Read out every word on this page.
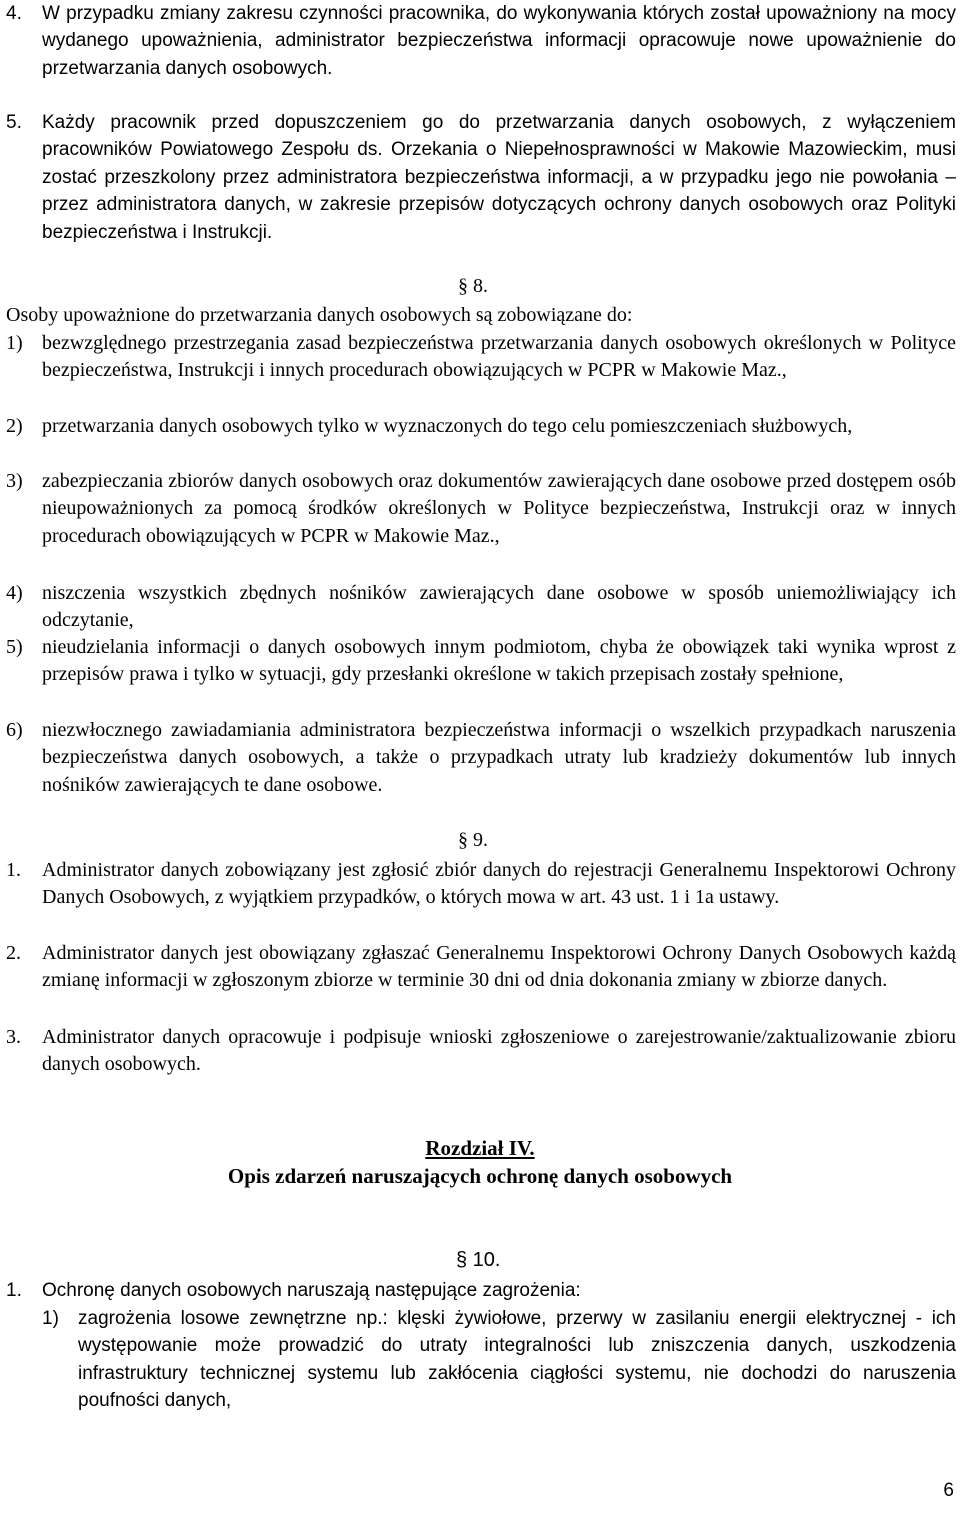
4. W przypadku zmiany zakresu czynności pracownika, do wykonywania których został upoważniony na mocy wydanego upoważnienia, administrator bezpieczeństwa informacji opracowuje nowe upoważnienie do przetwarzania danych osobowych.
5. Każdy pracownik przed dopuszczeniem go do przetwarzania danych osobowych, z wyłączeniem pracowników Powiatowego Zespołu ds. Orzekania o Niepełnosprawności w Makowie Mazowieckim, musi zostać przeszkolony przez administratora bezpieczeństwa informacji, a w przypadku jego nie powołania – przez administratora danych, w zakresie przepisów dotyczących ochrony danych osobowych oraz Polityki bezpieczeństwa i Instrukcji.
§ 8.
Osoby upoważnione do przetwarzania danych osobowych są zobowiązane do:
1) bezwzględnego przestrzegania zasad bezpieczeństwa przetwarzania danych osobowych określonych w Polityce bezpieczeństwa, Instrukcji i innych procedurach obowiązujących w PCPR w Makowie Maz.,
2) przetwarzania danych osobowych tylko w wyznaczonych do tego celu pomieszczeniach służbowych,
3) zabezpieczania zbiorów danych osobowych oraz dokumentów zawierających dane osobowe przed dostępem osób nieupoważnionych za pomocą środków określonych w Polityce bezpieczeństwa, Instrukcji oraz w innych procedurach obowiązujących w PCPR w Makowie Maz.,
4) niszczenia wszystkich zbędnych nośników zawierających dane osobowe w sposób uniemożliwiający ich odczytanie,
5) nieudzielania informacji o danych osobowych innym podmiotom, chyba że obowiązek taki wynika wprost z przepisów prawa i tylko w sytuacji, gdy przesłanki określone w takich przepisach zostały spełnione,
6) niezwłocznego zawiadamiania administratora bezpieczeństwa informacji o wszelkich przypadkach naruszenia bezpieczeństwa danych osobowych, a także o przypadkach utraty lub kradzieży dokumentów lub innych nośników zawierających te dane osobowe.
§ 9.
1. Administrator danych zobowiązany jest zgłosić zbiór danych do rejestracji Generalnemu Inspektorowi Ochrony Danych Osobowych, z wyjątkiem przypadków, o których mowa w art. 43 ust. 1 i 1a ustawy.
2. Administrator danych jest obowiązany zgłaszać Generalnemu Inspektorowi Ochrony Danych Osobowych każdą zmianę informacji w zgłoszonym zbiorze w terminie 30 dni od dnia dokonania zmiany w zbiorze danych.
3. Administrator danych opracowuje i podpisuje wnioski zgłoszeniowe o zarejestrowanie/zaktualizowanie zbioru danych osobowych.
Rozdział IV.
Opis zdarzeń naruszających ochronę danych osobowych
§ 10.
1. Ochronę danych osobowych naruszają następujące zagrożenia:
1) zagrożenia losowe zewnętrzne np.: klęski żywiołowe, przerwy w zasilaniu energii elektrycznej - ich występowanie może prowadzić do utraty integralności lub zniszczenia danych, uszkodzenia infrastruktury technicznej systemu lub zakłócenia ciągłości systemu, nie dochodzi do naruszenia poufności danych,
6
